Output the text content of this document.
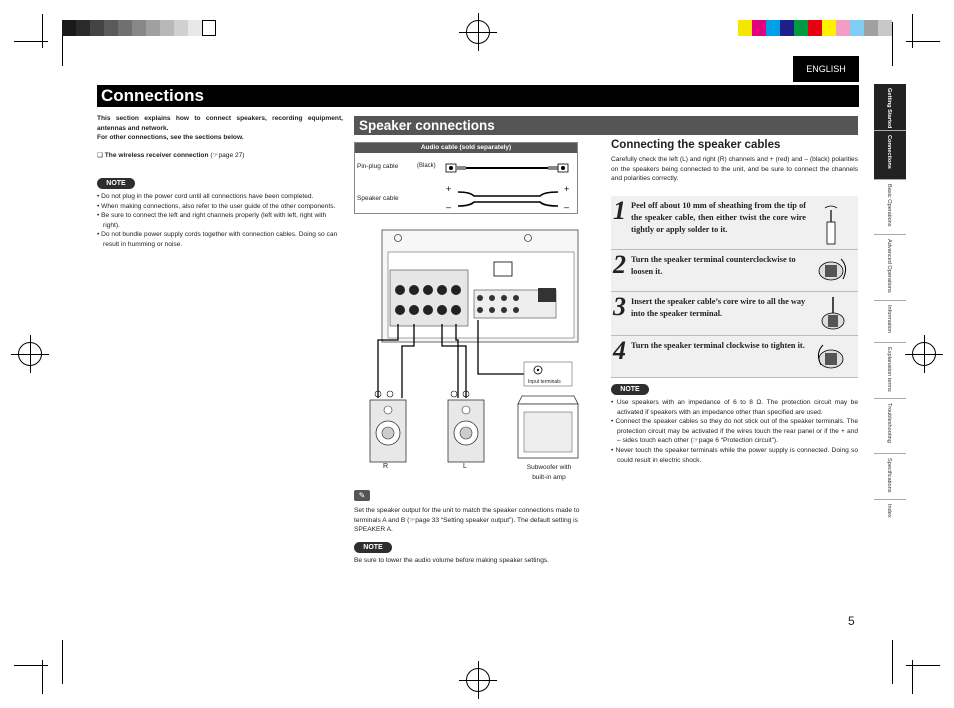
ENGLISH
Connections

This section explains how to connect speakers, recording equipment, antennas and network.

For other connections, see the sections below.

❑ The wireless receiver connection (☞page 27)

NOTE

• Do not plug in the power cord until all connections have been completed.

• When making connections, also refer to the user guide of the other components.

• Be sure to connect the left and right channels properly (left with left, right with right).

• Do not bundle power supply cords together with connection cables. Doing so can result in humming or noise.

Speaker connections
Audio cable (sold separately)
Pin-plug cable	(Black)
Speaker cable
+
–
+
–
Input terminals
R	L	Subwoofer with
built-in amp
✎

Set the speaker output for the unit to match the speaker connections made to terminals A and B (☞page 33 “Setting speaker output”). The default setting is SPEAKER A.

NOTE

Be sure to lower the audio volume before making speaker settings.

Connecting the speaker cables

Carefully check the left (L) and right (R) channels and + (red) and – (black) polarities on the speakers being connected to the unit, and be sure to connect the channels and polarities correctly.

1 Peel off about 10 mm of sheathing from the tip of the speaker cable, then either twist the core wire tightly or apply solder to it.
2 Turn the speaker terminal counterclockwise to loosen it.
3 Insert the speaker cable’s core wire to all the way into the speaker terminal.
4 Turn the speaker terminal clockwise to tighten it.
NOTE

• Use speakers with an impedance of 6 to 8 Ω. The protection circuit may be activated if speakers with an impedance other than specified are used.

• Connect the speaker cables so they do not stick out of the speaker terminals. The protection circuit may be activated if the wires touch the rear panel or if the + and – sides touch each other (☞page 6 “Protection circuit”).

• Never touch the speaker terminals while the power supply is connected. Doing so could result in electric shock.

Getting Started
Connections
Basic Operations
Advanced Operations
Information
Explanation terms
Troubleshooting
Specifications
Index
5
